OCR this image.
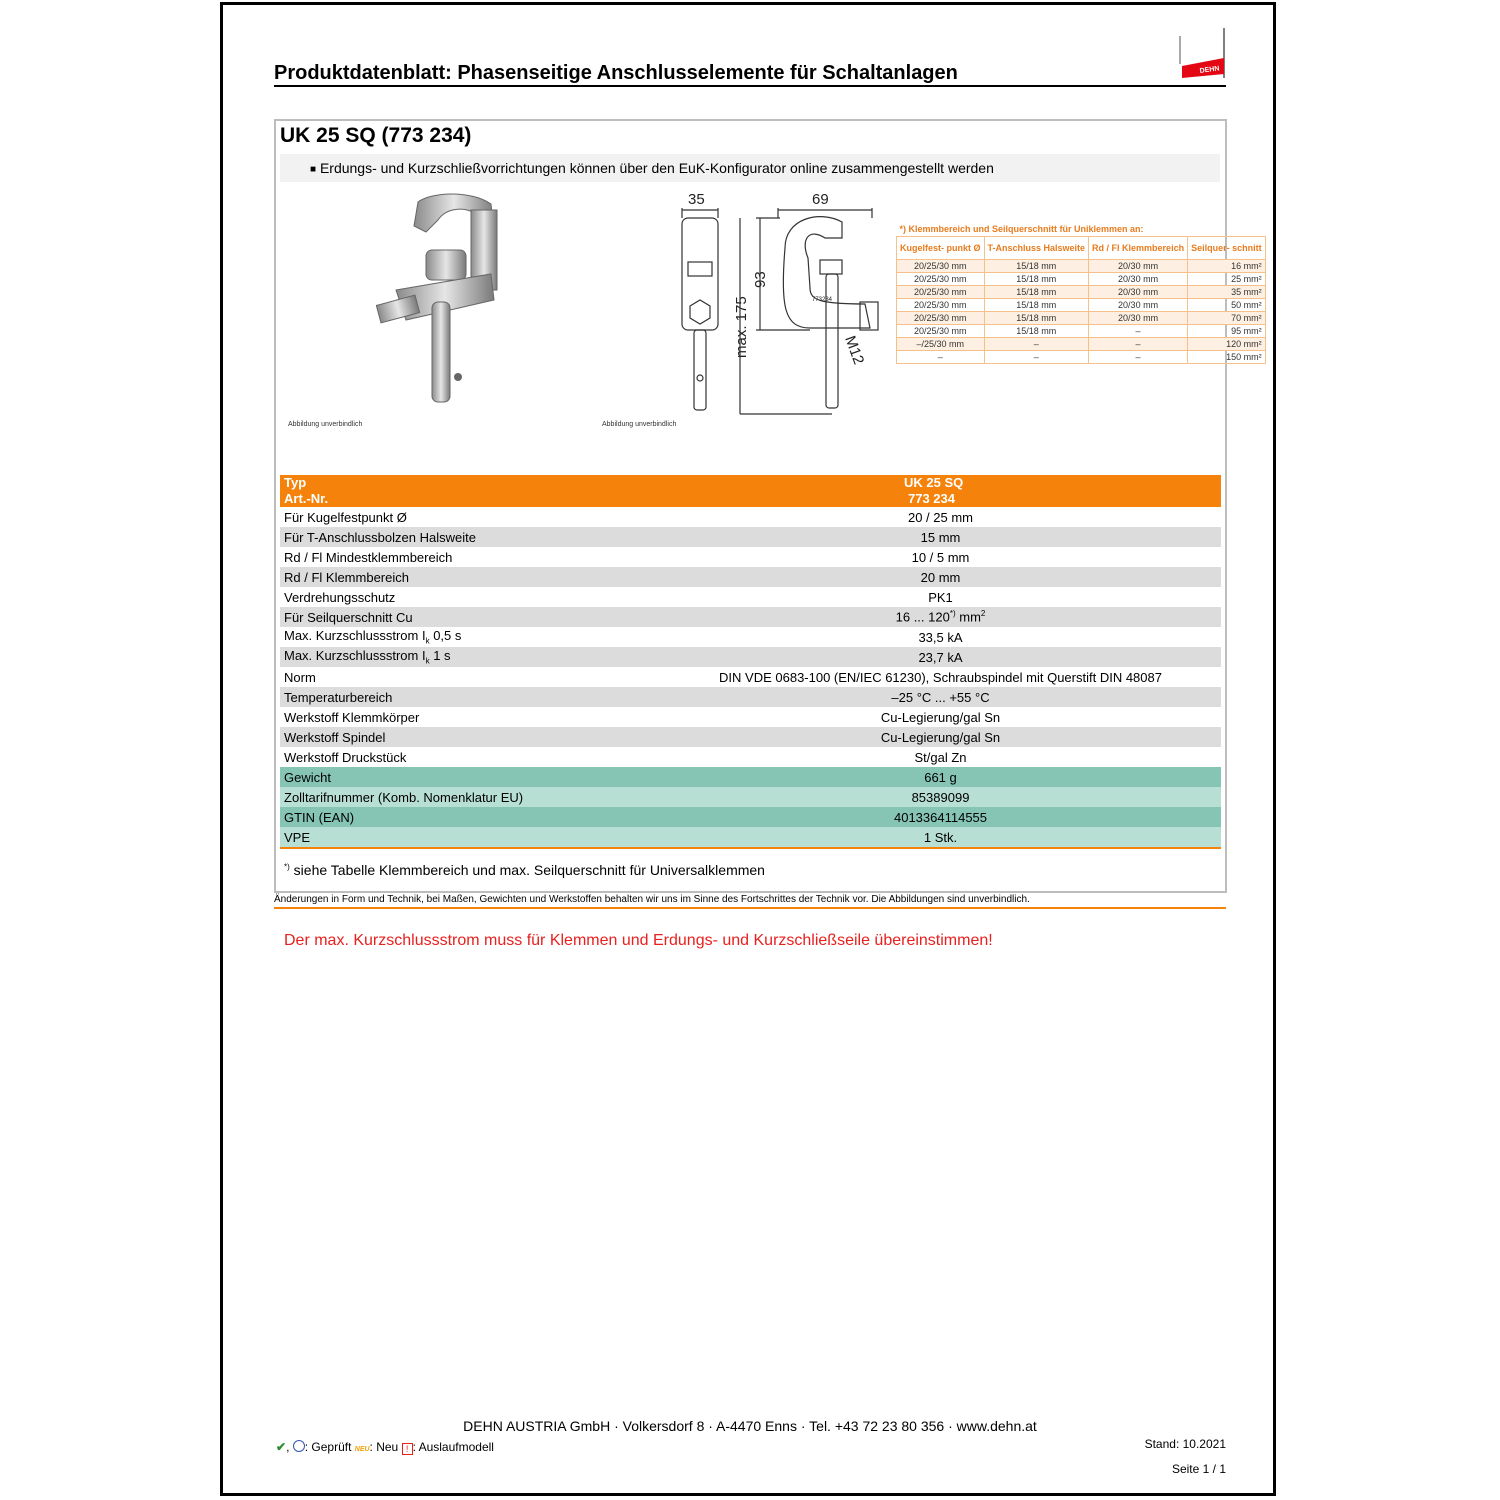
Produktdatenblatt: Phasenseitige Anschlusselemente für Schaltanlagen	DEHN
UK 25 SQ (773 234)
■ Erdungs- und Kurzschließvorrichtungen können über den EuK-Konfigurator online zusammengestellt werden
Abbildung unverbindlich
35	69
93
max. 175	M12
773234
Abbildung unverbindlich
*) Klemmbereich und Seilquerschnitt für Uniklemmen an:			
Kugelfest- punkt Ø	T-Anschluss Halsweite	Rd / Fl Klemmbereich	Seilquer- schnitt
20/25/30 mm	15/18 mm	20/30 mm	16 mm²
20/25/30 mm	15/18 mm	20/30 mm	25 mm²
20/25/30 mm	15/18 mm	20/30 mm	35 mm²
20/25/30 mm	15/18 mm	20/30 mm	50 mm²
20/25/30 mm	15/18 mm	20/30 mm	70 mm²
20/25/30 mm	15/18 mm	–	95 mm²
–/25/30 mm	–	–	120 mm²
–	–	–	150 mm²
Typ	UK 25 SQ
Art.-Nr.	773 234
Für Kugelfestpunkt Ø	20 / 25 mm
Für T-Anschlussbolzen Halsweite	15 mm
Rd / Fl Mindestklemmbereich	10 / 5 mm
Rd / Fl Klemmbereich	20 mm
Verdrehungsschutz	PK1
Für Seilquerschnitt Cu	16 ... 120*) $mm^2$
Max. Kurzschlussstrom $I_k$ 0,5 s	33,5 kA
Max. Kurzschlussstrom $I_k$ 1 s	23,7 kA
Norm	DIN VDE 0683-100 (EN/IEC 61230), Schraubspindel mit Querstift DIN 48087
Temperaturbereich	–25 °C ... +55 °C
Werkstoff Klemmkörper	Cu-Legierung/gal Sn
Werkstoff Spindel	Cu-Legierung/gal Sn
Werkstoff Druckstück	St/gal Zn
Gewicht	661 g
Zolltarifnummer (Komb. Nomenklatur EU)	85389099
GTIN (EAN)	4013364114555
VPE	1 Stk.
*) siehe Tabelle Klemmbereich und max. Seilquerschnitt für Universalklemmen
Änderungen in Form und Technik, bei Maßen, Gewichten und Werkstoffen behalten wir uns im Sinne des Fortschrittes der Technik vor. Die Abbildungen sind unverbindlich.
Der max. Kurzschlussstrom muss für Klemmen und Erdungs- und Kurzschließseile übereinstimmen!
DEHN AUSTRIA GmbH · Volkersdorf 8 · A-4470 Enns · Tel. +43 72 23 80 356 · www.dehn.at
✔, : Geprüft NEU: Neu ! : Auslaufmodell	Stand: 10.2021
Seite 1 / 1
